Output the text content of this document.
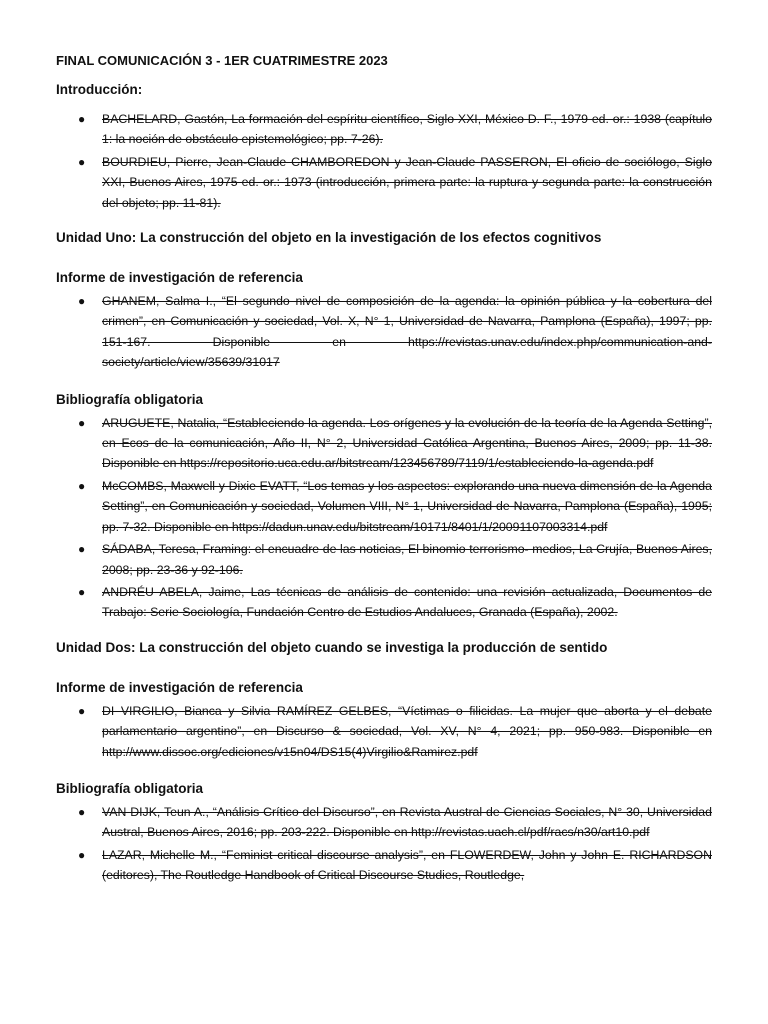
FINAL COMUNICACIÓN 3 - 1ER CUATRIMESTRE 2023
Introducción:
● BACHELARD, Gastón, La formación del espíritu científico, Siglo XXI, México D. F., 1979 ed. or.: 1938 (capítulo 1: la noción de obstáculo epistemológico; pp. 7-26).
● BOURDIEU, Pierre, Jean-Claude CHAMBOREDON y Jean-Claude PASSERON, El oficio de sociólogo, Siglo XXI, Buenos Aires, 1975 ed. or.: 1973 (introducción, primera parte: la ruptura y segunda parte: la construcción del objeto; pp. 11-81).
Unidad Uno: La construcción del objeto en la investigación de los efectos cognitivos
Informe de investigación de referencia
● GHANEM, Salma I., “El segundo nivel de composición de la agenda: la opinión pública y la cobertura del crimen”, en Comunicación y sociedad, Vol. X, N° 1, Universidad de Navarra, Pamplona (España), 1997; pp. 151-167. Disponible en https://revistas.unav.edu/index.php/communication-and-society/article/view/35639/31017
Bibliografía obligatoria
● ARUGUETE, Natalia, “Estableciendo la agenda. Los orígenes y la evolución de la teoría de la Agenda Setting”, en Ecos de la comunicación, Año II, N° 2, Universidad Católica Argentina, Buenos Aires, 2009; pp. 11-38. Disponible en https://repositorio.uca.edu.ar/bitstream/123456789/7119/1/estableciendo-la-agenda.pdf
● McCOMBS, Maxwell y Dixie EVATT, “Los temas y los aspectos: explorando una nueva dimensión de la Agenda Setting”, en Comunicación y sociedad, Volumen VIII, N° 1, Universidad de Navarra, Pamplona (España), 1995; pp. 7-32. Disponible en https://dadun.unav.edu/bitstream/10171/8401/1/20091107003314.pdf
● SÁDABA, Teresa, Framing: el encuadre de las noticias, El binomio terrorismo- medios, La Crujía, Buenos Aires, 2008; pp. 23-36 y 92-106.
● ANDRÉU ABELA, Jaime, Las técnicas de análisis de contenido: una revisión actualizada, Documentos de Trabajo: Serie Sociología, Fundación Centro de Estudios Andaluces, Granada (España), 2002.
Unidad Dos: La construcción del objeto cuando se investiga la producción de sentido
Informe de investigación de referencia
● DI VIRGILIO, Bianca y Silvia RAMÍREZ GELBES, “Víctimas o filicidas. La mujer que aborta y el debate parlamentario argentino”, en Discurso & sociedad, Vol. XV, N° 4, 2021; pp. 950-983. Disponible en http://www.dissoc.org/ediciones/v15n04/DS15(4)Virgilio&Ramirez.pdf
Bibliografía obligatoria
● VAN DIJK, Teun A., “Análisis Crítico del Discurso”, en Revista Austral de Ciencias Sociales, N° 30, Universidad Austral, Buenos Aires, 2016; pp. 203-222. Disponible en http://revistas.uach.cl/pdf/racs/n30/art10.pdf
● LAZAR, Michelle M., “Feminist critical discourse analysis”, en FLOWERDEW, John y John E. RICHARDSON (editores), The Routledge Handbook of Critical Discourse Studies, Routledge,
